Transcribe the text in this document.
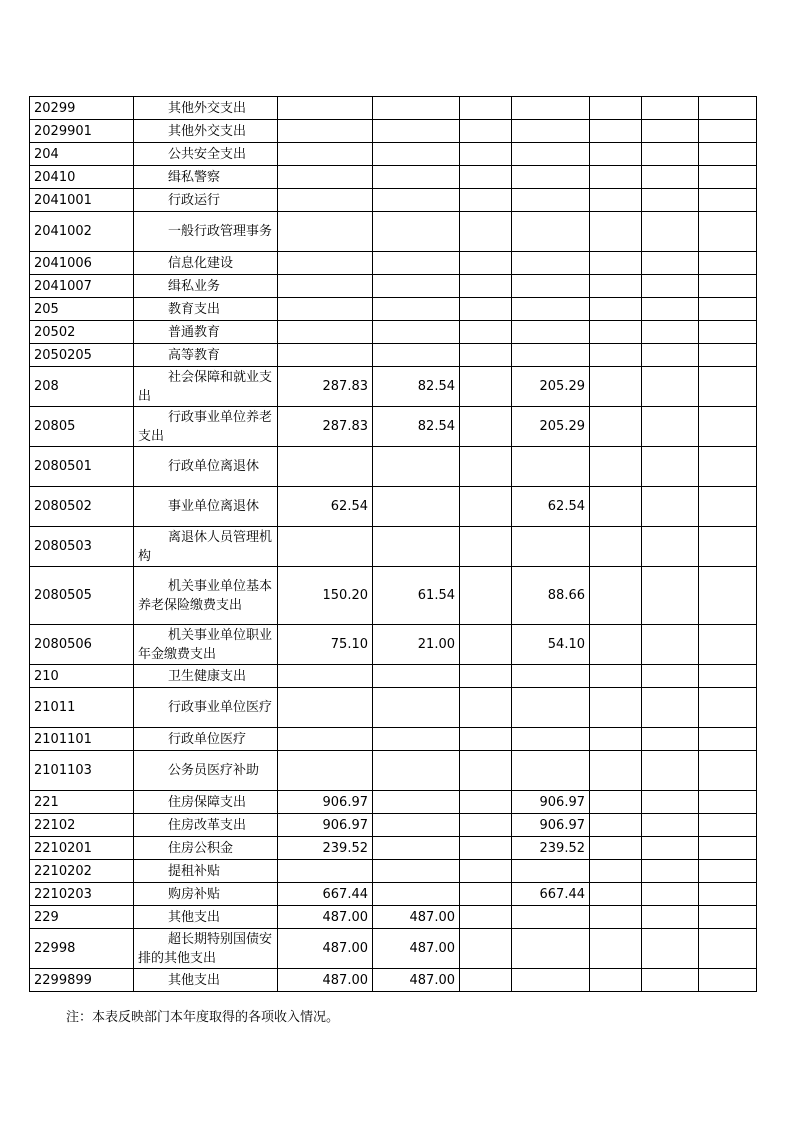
20299	其他外交支出							
2029901	其他外交支出							
204	公共安全支出							
20410	缉私警察							
2041001	行政运行							
2041002	一般行政管理事务							
2041006	信息化建设							
2041007	缉私业务							
205	教育支出							
20502	普通教育							
2050205	高等教育							
208	社会保障和就业支出	287.83	82.54		205.29			
20805	行政事业单位养老支出	287.83	82.54		205.29			
2080501	行政单位离退休							
2080502	事业单位离退休	62.54			62.54			
2080503	离退休人员管理机构							
2080505	机关事业单位基本养老保险缴费支出	150.20	61.54		88.66			
2080506	机关事业单位职业年金缴费支出	75.10	21.00		54.10			
210	卫生健康支出							
21011	行政事业单位医疗							
2101101	行政单位医疗							
2101103	公务员医疗补助							
221	住房保障支出	906.97			906.97			
22102	住房改革支出	906.97			906.97			
2210201	住房公积金	239.52			239.52			
2210202	提租补贴							
2210203	购房补贴	667.44			667.44			
229	其他支出	487.00	487.00					
22998	超长期特别国债安排的其他支出	487.00	487.00					
2299899	其他支出	487.00	487.00					
注：本表反映部门本年度取得的各项收入情况。
